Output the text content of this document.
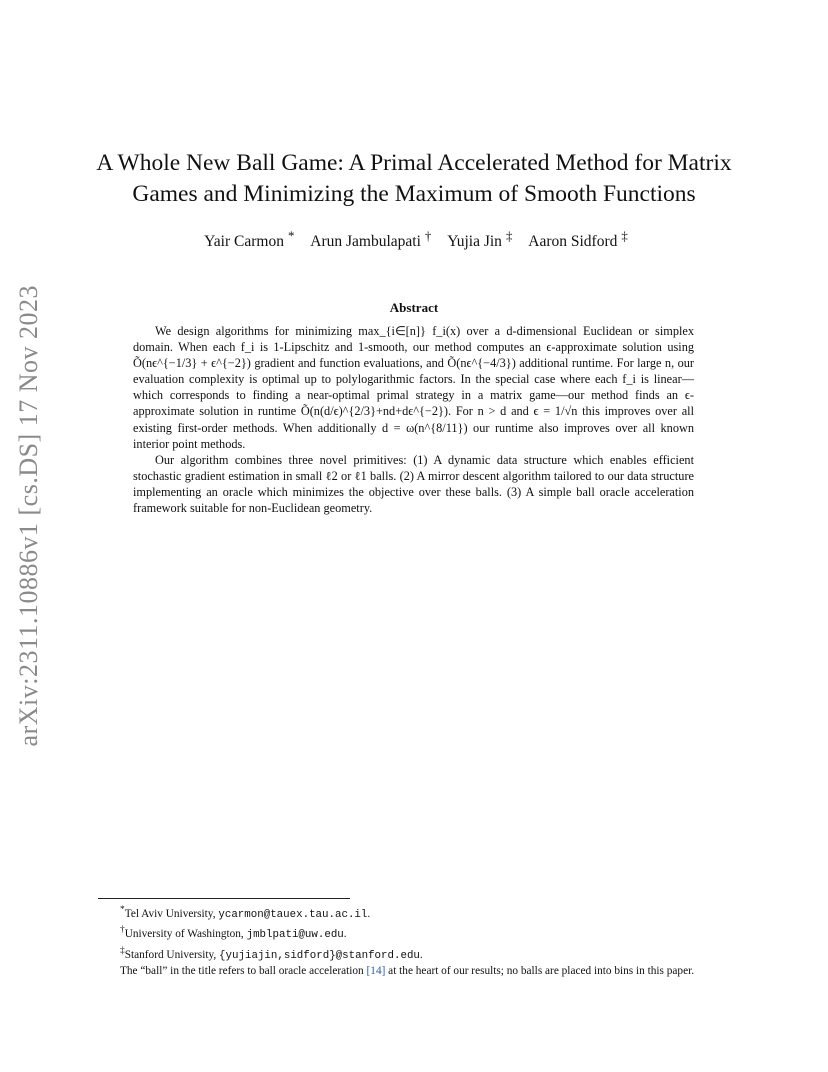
arXiv:2311.10886v1 [cs.DS] 17 Nov 2023
A Whole New Ball Game: A Primal Accelerated Method for Matrix
Games and Minimizing the Maximum of Smooth Functions
Yair Carmon * Arun Jambulapati † Yujia Jin ‡ Aaron Sidford ‡
Abstract

We design algorithms for minimizing max_{i∈[n]} f_i(x) over a d-dimensional Euclidean or simplex domain. When each f_i is 1-Lipschitz and 1-smooth, our method computes an ϵ-approximate solution using Õ(nϵ^{−1/3} + ϵ^{−2}) gradient and function evaluations, and Õ(nϵ^{−4/3}) additional runtime. For large n, our evaluation complexity is optimal up to polylogarithmic factors. In the special case where each f_i is linear—which corresponds to finding a near-optimal primal strategy in a matrix game—our method finds an ϵ-approximate solution in runtime Õ(n(d/ϵ)^{2/3}+nd+dϵ^{−2}). For n > d and ϵ = 1/√n this improves over all existing first-order methods. When additionally d = ω(n^{8/11}) our runtime also improves over all known interior point methods.

Our algorithm combines three novel primitives: (1) A dynamic data structure which enables efficient stochastic gradient estimation in small ℓ2 or ℓ1 balls. (2) A mirror descent algorithm tailored to our data structure implementing an oracle which minimizes the objective over these balls. (3) A simple ball oracle acceleration framework suitable for non-Euclidean geometry.

*Tel Aviv University, ycarmon@tauex.tau.ac.il.

†University of Washington, jmblpati@uw.edu.

‡Stanford University, {yujiajin,sidford}@stanford.edu.

The “ball” in the title refers to ball oracle acceleration [14] at the heart of our results; no balls are placed into bins in this paper.
